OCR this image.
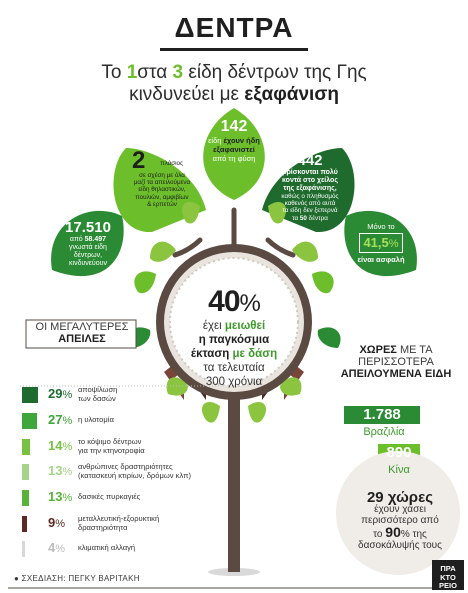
ΔΕΝΤΡΑ
Το 1στα 3 είδη δέντρων της Γης
κινδυνεύει με εξαφάνιση
17.510
από 58.497
γνωστά είδη
δέντρων,
κινδυνεύουν
2	πλάσιος
σε σχέση με όλα
μαζί τα απειλούμενα
είδη θηλαστικών,
πουλιών, αμφιβίων
& ερπετών
142
είδη έχουν ήδη
εξαφανιστεί
από τη φύση	442
βρίσκονται πολύ
κοντά στο χείλος
της εξαφάνισης,
καθώς ο πληθυσμός
καθενός από αυτά
τα είδη δεν ξεπερνά
τα 50 δέντρα
Μόνο το
41,5%
είναι ασφαλή
40%
έχει μειωθεί
η παγκόσμια
έκταση με δάση
τα τελευταία
300 χρόνια
ΟΙ ΜΕΓΑΛΥΤΕΡΕΣ
ΑΠΕΙΛΕΣ
29% αποψίλωση
των δασών
27% η υλοτομία
14% το κόψιμο δέντρων
για την κτηνοτροφία
13% ανθρώπινες δραστηριότητες
(κατασκευή κτιρίων, δρόμων κλπ)
13% δασικές πυρκαγιές
9% μεταλλευτική-εξορυκτική
δραστηριότητα
4% κλιματική αλλαγή
ΧΩΡΕΣ ΜΕ ΤΑ
ΠΕΡΙΣΣΟΤΕΡΑ
ΑΠΕΙΛΟΥΜΕΝΑ ΕΙΔΗ
1.788
Βραζιλία
890
Κίνα
29 χώρες
έχουν χάσει
περισσότερο από
το 90% της
δασοκάλυψής τους
● ΣΧΕΔΙΑΣΗ: ΠΕΓΚΥ ΒΑΡΙΤΑΚΗ
ΠΡΑ
ΚΤΟ
ΡΕΙΟ
